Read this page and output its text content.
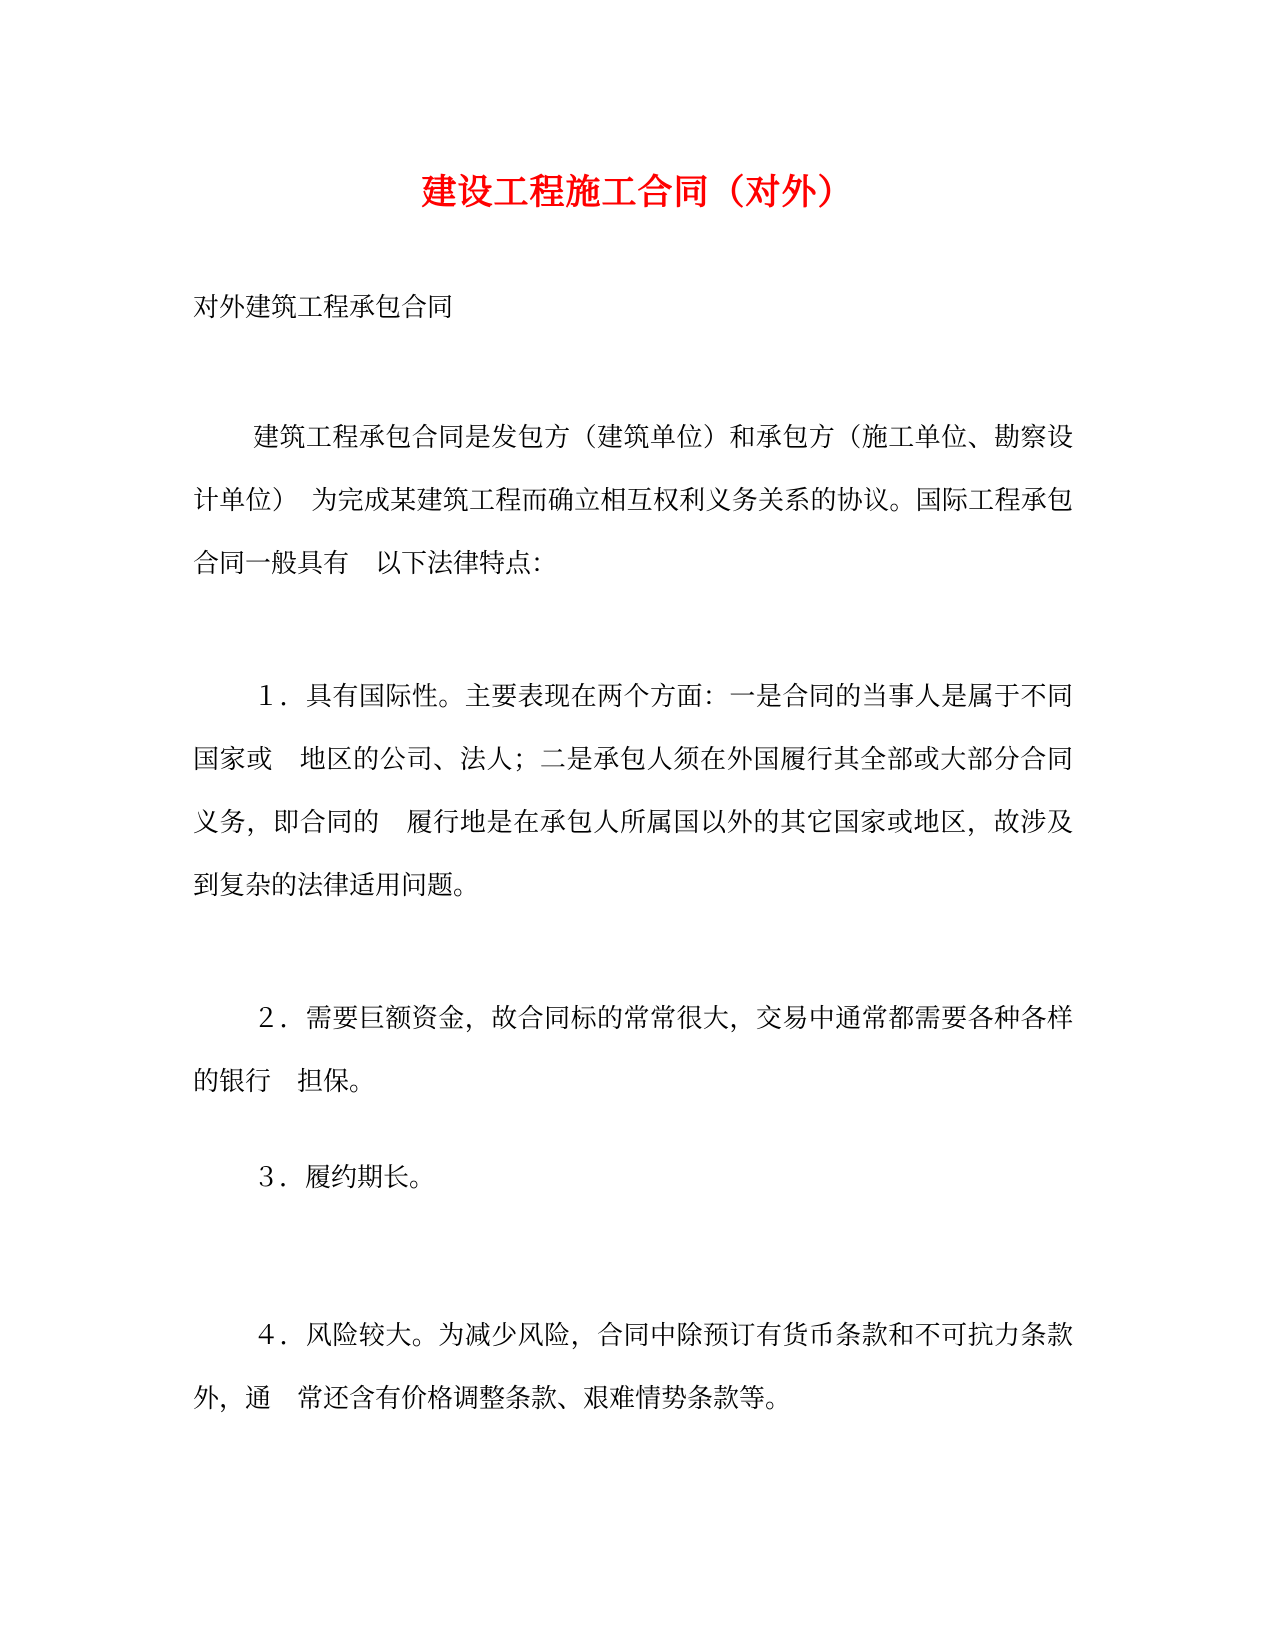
建设工程施工合同（对外）

对外建筑工程承包合同

建筑工程承包合同是发包方（建筑单位）和承包方（施工单位、勘察设计单位）　为完成某建筑工程而确立相互权利义务关系的协议。国际工程承包合同一般具有　以下法律特点：

１．具有国际性。主要表现在两个方面：一是合同的当事人是属于不同国家或　地区的公司、法人；二是承包人须在外国履行其全部或大部分合同义务，即合同的　履行地是在承包人所属国以外的其它国家或地区，故涉及到复杂的法律适用问题。

２．需要巨额资金，故合同标的常常很大，交易中通常都需要各种各样的银行　担保。

３．履约期长。

４．风险较大。为减少风险，合同中除预订有货币条款和不可抗力条款外，通　常还含有价格调整条款、艰难情势条款等。
